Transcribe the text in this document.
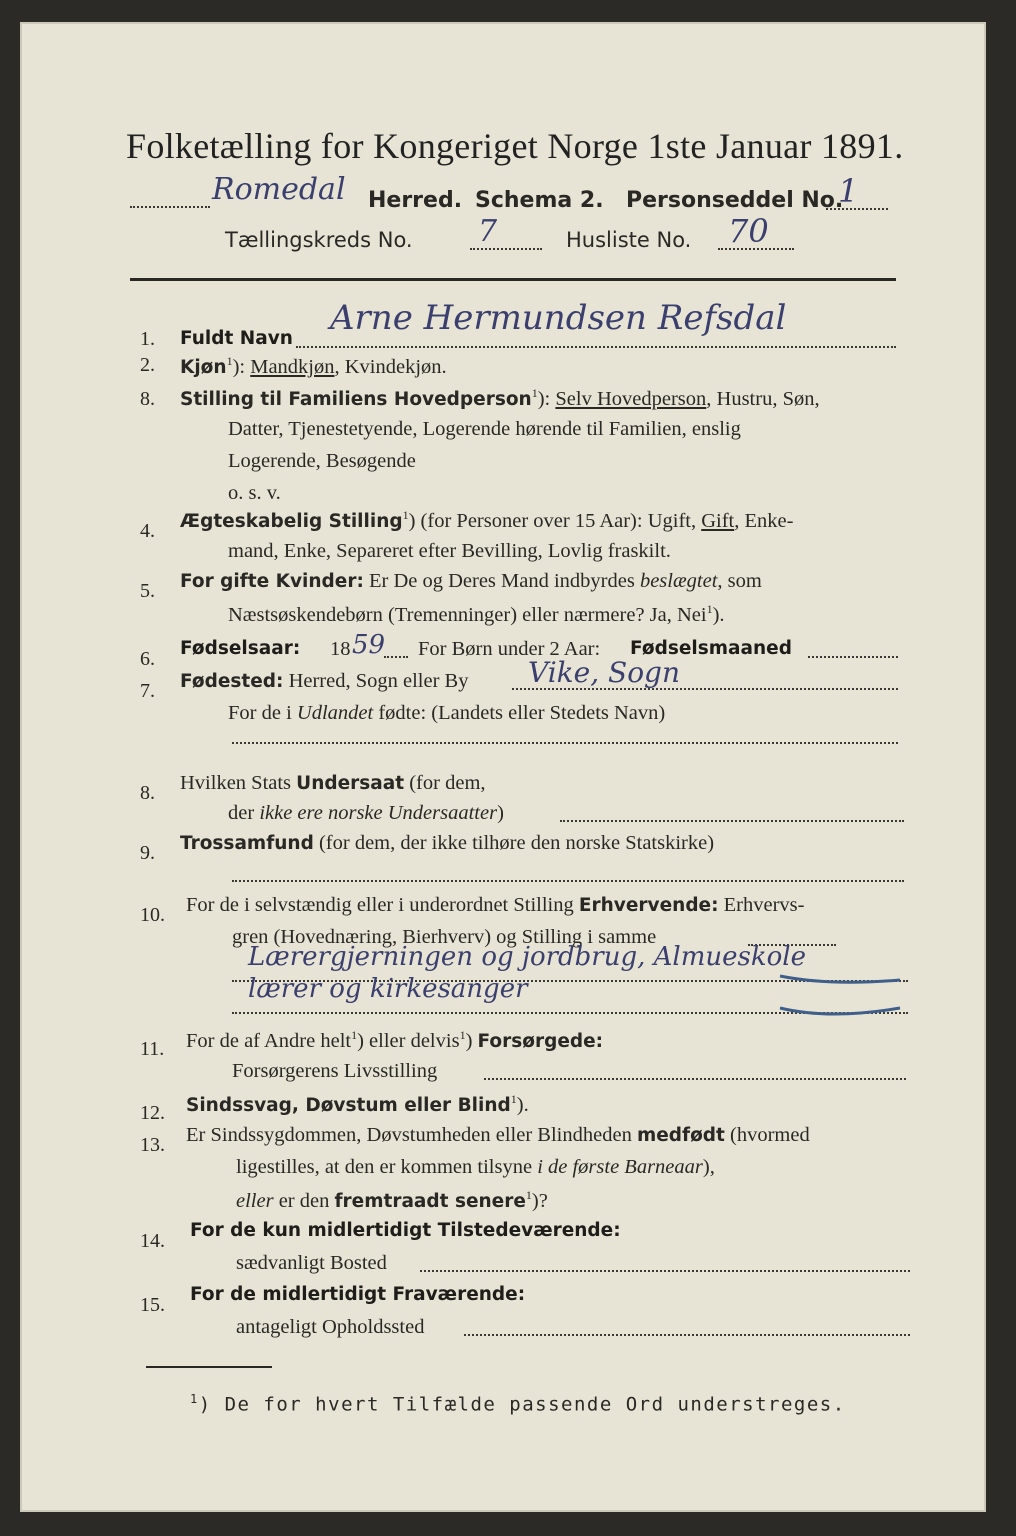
Folketælling for Kongeriget Norge 1ste Januar 1891.
Romedal Herred. Schema 2. Personseddel No.
1
Tællingskreds No. 7	Husliste No. 70
1. Fuldt Navn
Arne Hermundsen Refsdal
2. Kjøn$^1$): Mandkjøn, Kvindekjøn.
8. Stilling til Familiens Hovedperson$^1$): Selv Hovedperson, Hustru, Søn,
Datter, Tjenestetyende, Logerende hørende til Familien, enslig
Logerende, Besøgende
o. s. v.
4. Ægteskabelig Stilling$^1$) (for Personer over 15 Aar): Ugift, Gift, Enke-
mand, Enke, Separeret efter Bevilling, Lovlig fraskilt.
5. For gifte Kvinder: Er De og Deres Mand indbyrdes beslægtet, som
Næstsøskendebørn (Tremenninger) eller nærmere? Ja, Nei$^1$).
6. Fødselsaar: 18 59 For Børn under 2 Aar: Fødselsmaaned
7. Fødested: Herred, Sogn eller By Vike, Sogn
For de i Udlandet fødte: (Landets eller Stedets Navn)
8. Hvilken Stats Undersaat (for dem,
der ikke ere norske Undersaatter)
9. Trossamfund (for dem, der ikke tilhøre den norske Statskirke)
10. For de i selvstændig eller i underordnet Stilling Erhvervende: Erhvervs-
gren (Hovednæring, Bierhverv) og Stilling i samme
Lærergjerningen og jordbrug, Almueskole
lærer og kirkesanger
11. For de af Andre helt$^1$) eller delvis$^1$) Forsørgede:
Forsørgerens Livsstilling
12. Sindssvag, Døvstum eller Blind$^1$).
13. Er Sindssygdommen, Døvstumheden eller Blindheden medfødt (hvormed
ligestilles, at den er kommen tilsyne i de første Barneaar),
eller er den fremtraadt senere$^1$)?
14. For de kun midlertidigt Tilstedeværende:
sædvanligt Bosted
15. For de midlertidigt Fraværende:
antageligt Opholdssted
$^1$) De for hvert Tilfælde passende Ord understreges.
